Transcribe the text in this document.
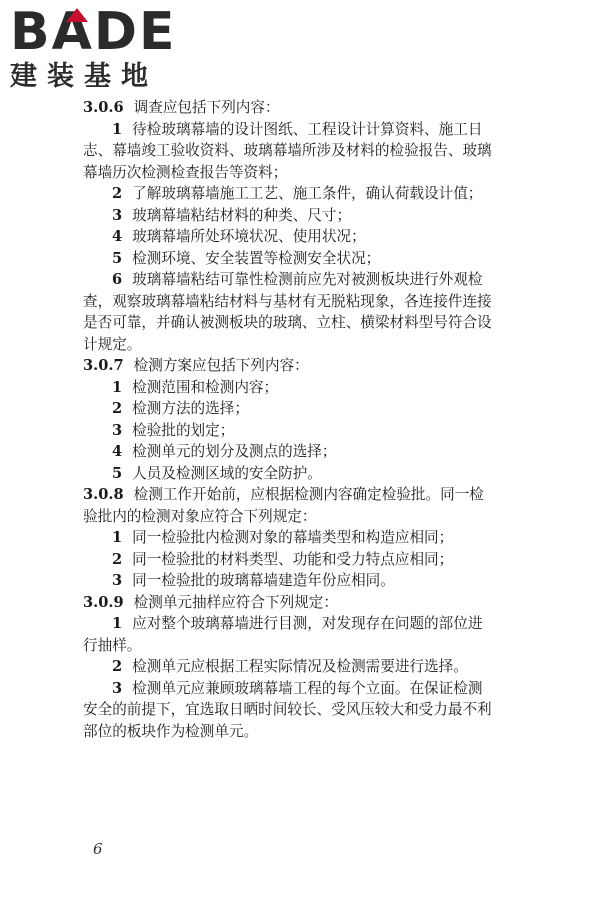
BADE
建装基地
3.0.6 调查应包括下列内容：
1 待检玻璃幕墙的设计图纸、工程设计计算资料、施工日
志、幕墙竣工验收资料、玻璃幕墙所涉及材料的检验报告、玻璃
幕墙历次检测检查报告等资料；
2 了解玻璃幕墙施工工艺、施工条件，确认荷载设计值；
3 玻璃幕墙粘结材料的种类、尺寸；
4 玻璃幕墙所处环境状况、使用状况；
5 检测环境、安全装置等检测安全状况；
6 玻璃幕墙粘结可靠性检测前应先对被测板块进行外观检
查，观察玻璃幕墙粘结材料与基材有无脱粘现象，各连接件连接
是否可靠，并确认被测板块的玻璃、立柱、横梁材料型号符合设
计规定。
3.0.7 检测方案应包括下列内容：
1 检测范围和检测内容；
2 检测方法的选择；
3 检验批的划定；
4 检测单元的划分及测点的选择；
5 人员及检测区域的安全防护。
3.0.8 检测工作开始前，应根据检测内容确定检验批。同一检
验批内的检测对象应符合下列规定：
1 同一检验批内检测对象的幕墙类型和构造应相同；
2 同一检验批的材料类型、功能和受力特点应相同；
3 同一检验批的玻璃幕墙建造年份应相同。
3.0.9 检测单元抽样应符合下列规定：
1 应对整个玻璃幕墙进行目测，对发现存在问题的部位进
行抽样。
2 检测单元应根据工程实际情况及检测需要进行选择。
3 检测单元应兼顾玻璃幕墙工程的每个立面。在保证检测
安全的前提下，宜选取日晒时间较长、受风压较大和受力最不利
部位的板块作为检测单元。
6
